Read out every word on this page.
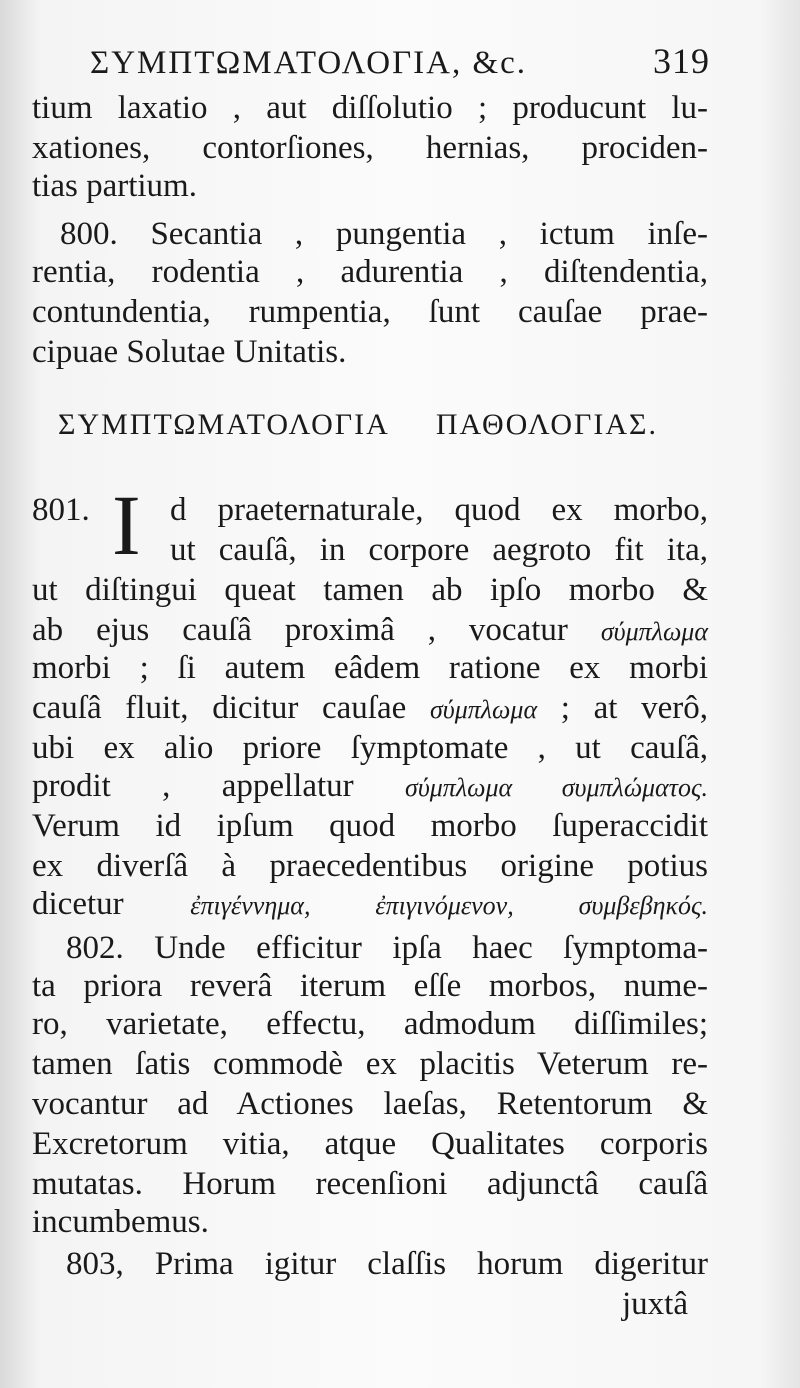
ΣΥΜΠΤΩΜΑΤΟΛΟΓΙΑ, &c.	319
tium laxatio , aut diſſolutio ; producunt lu-
xationes, contorſiones, hernias, prociden-
tias partium.
800. Secantia , pungentia , ictum inſe-
rentia, rodentia , adurentia , diſtendentia,
contundentia, rumpentia, ſunt cauſae prae-
cipuae Solutae Unitatis.
ΣΥΜΠΤΩΜΑΤΟΛΟΓΙΑ ΠΑΘΟΛΟΓΙΑΣ.
801. I d praeternaturale, quod ex morbo,
ut cauſâ, in corpore aegroto fit ita,
ut diſtingui queat tamen ab ipſo morbo &
ab ejus cauſâ proximâ , vocatur σύμπλωμα
morbi ; ſi autem eâdem ratione ex morbi
cauſâ fluit, dicitur cauſae σύμπλωμα ; at verô,
ubi ex alio priore ſymptomate , ut cauſâ,
prodit , appellatur σύμπλωμα συμπλώματος.
Verum id ipſum quod morbo ſuperaccidit
ex diverſâ à praecedentibus origine potius
dicetur	ἐπιγέννημα, ἐπιγινόμενον, συμβεβηκός.
802. Unde efficitur ipſa haec ſymptoma-
ta priora reverâ iterum eſſe morbos, nume-
ro, varietate, effectu, admodum diſſimiles;
tamen ſatis commodè ex placitis Veterum re-
vocantur ad Actiones laeſas, Retentorum &
Excretorum vitia, atque Qualitates corporis
mutatas. Horum recenſioni adjunctâ cauſâ
incumbemus.
803, Prima igitur claſſis horum digeritur
juxtâ
